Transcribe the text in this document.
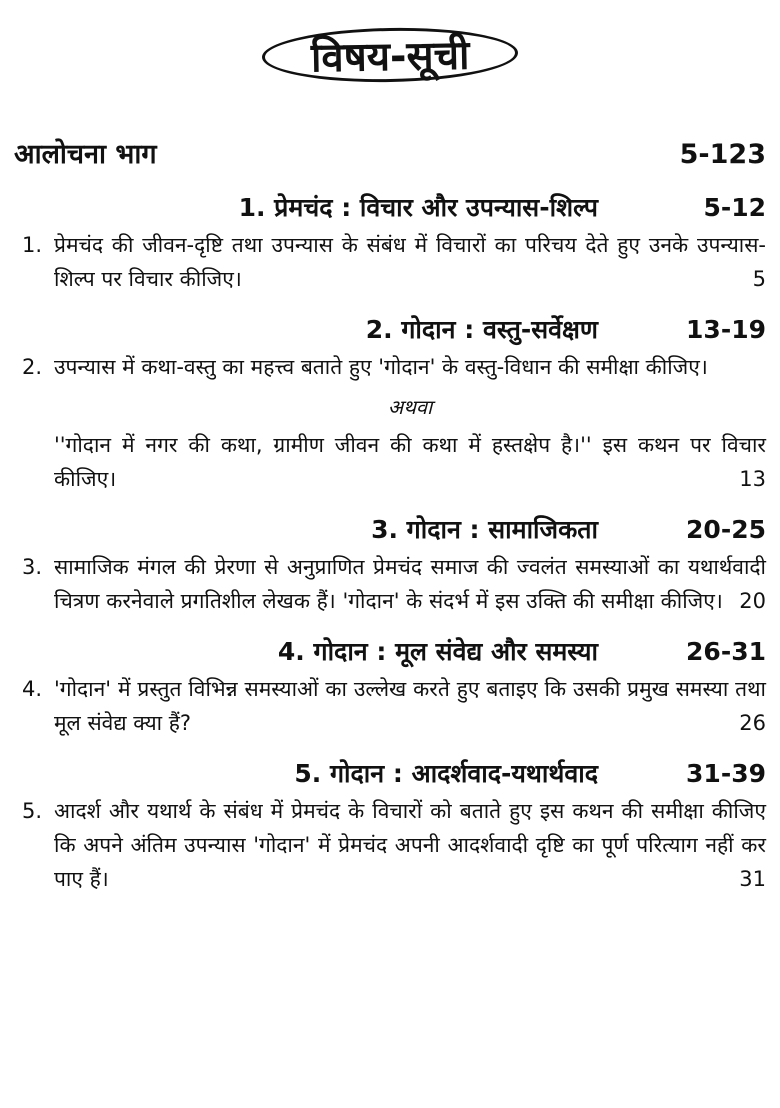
विषय-सूची
आलोचना भाग	5-123
1. प्रेमचंद : विचार और उपन्यास-शिल्प	5-12
1. प्रेमचंद की जीवन-दृष्टि तथा उपन्यास के संबंध में विचारों का परिचय देते हुए उनके उपन्यास-शिल्प पर विचार कीजिए।	5
2. गोदान : वस्तु-सर्वेक्षण	13-19
2. उपन्यास में कथा-वस्तु का महत्त्व बताते हुए 'गोदान' के वस्तु-विधान की समीक्षा कीजिए।
अथवा
''गोदान में नगर की कथा, ग्रामीण जीवन की कथा में हस्तक्षेप है।'' इस कथन पर विचार कीजिए।	13
3. गोदान : सामाजिकता	20-25
3. सामाजिक मंगल की प्रेरणा से अनुप्राणित प्रेमचंद समाज की ज्वलंत समस्याओं का यथार्थवादी चित्रण करनेवाले प्रगतिशील लेखक हैं। 'गोदान' के संदर्भ में इस उक्ति की समीक्षा कीजिए। 20
4. गोदान : मूल संवेद्य और समस्या	26-31
4. 'गोदान' में प्रस्तुत विभिन्न समस्याओं का उल्लेख करते हुए बताइए कि उसकी प्रमुख समस्या तथा मूल संवेद्य क्या हैं?	26
5. गोदान : आदर्शवाद-यथार्थवाद	31-39
5. आदर्श और यथार्थ के संबंध में प्रेमचंद के विचारों को बताते हुए इस कथन की समीक्षा कीजिए कि अपने अंतिम उपन्यास 'गोदान' में प्रेमचंद अपनी आदर्शवादी दृष्टि का पूर्ण परित्याग नहीं कर पाए हैं।	31
